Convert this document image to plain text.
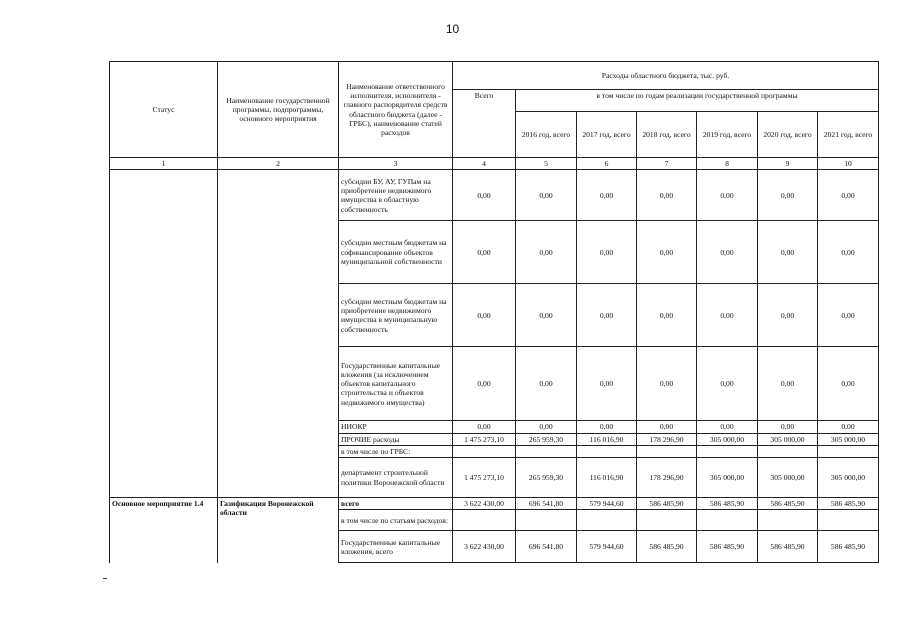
10
Статус	Наименование государственной программы, подпрограммы, основного мероприятия	Наименование ответственного исполнителя, исполнителя - главного распорядителя средств областного бюджета (далее - ГРБС), наименование статей расходов	Расходы областного бюджета, тыс. руб.						
			Всего	в том числе по годам реализации государственной программы					
				2016 год, всего	2017 год, всего	2018 год, всего	2019 год, всего	2020 год, всего	2021 год, всего
1	2	3	4	5	6	7	8	9	10
		субсидии БУ, АУ, ГУПам на приобретение недвижимого имущества в областную собственность	0,00	0,00	0,00	0,00	0,00	0,00	0,00
		субсидии местным бюджетам на софинансирование объектов муниципальной собственности	0,00	0,00	0,00	0,00	0,00	0,00	0,00
		субсидии местным бюджетам на приобретение недвижимого имущества в муниципальную собственность	0,00	0,00	0,00	0,00	0,00	0,00	0,00
		Государственные капитальные вложения (за исключением объектов капитального строительства и объектов недвижимого имущества)	0,00	0,00	0,00	0,00	0,00	0,00	0,00
		НИОКР	0,00	0,00	0,00	0,00	0,00	0,00	0,00
		ПРОЧИЕ расходы	1 475 273,10	265 959,30	116 016,90	178 296,90	305 000,00	305 000,00	305 000,00
		в том числе по ГРБС:							
		департамент строительной политики Воронежской области	1 475 273,10	265 959,30	116 016,90	178 296,90	305 000,00	305 000,00	305 000,00
Основное мероприятие 1.4	Газификация Воронежской области	всего	3 622 430,00	696 541,80	579 944,60	586 485,90	586 485,90	586 485,90	586 485,90
		в том числе по статьям расходов:							
		Государственные капитальные вложения, всего	3 622 430,00	696 541,80	579 944,60	586 485,90	586 485,90	586 485,90	586 485,90
